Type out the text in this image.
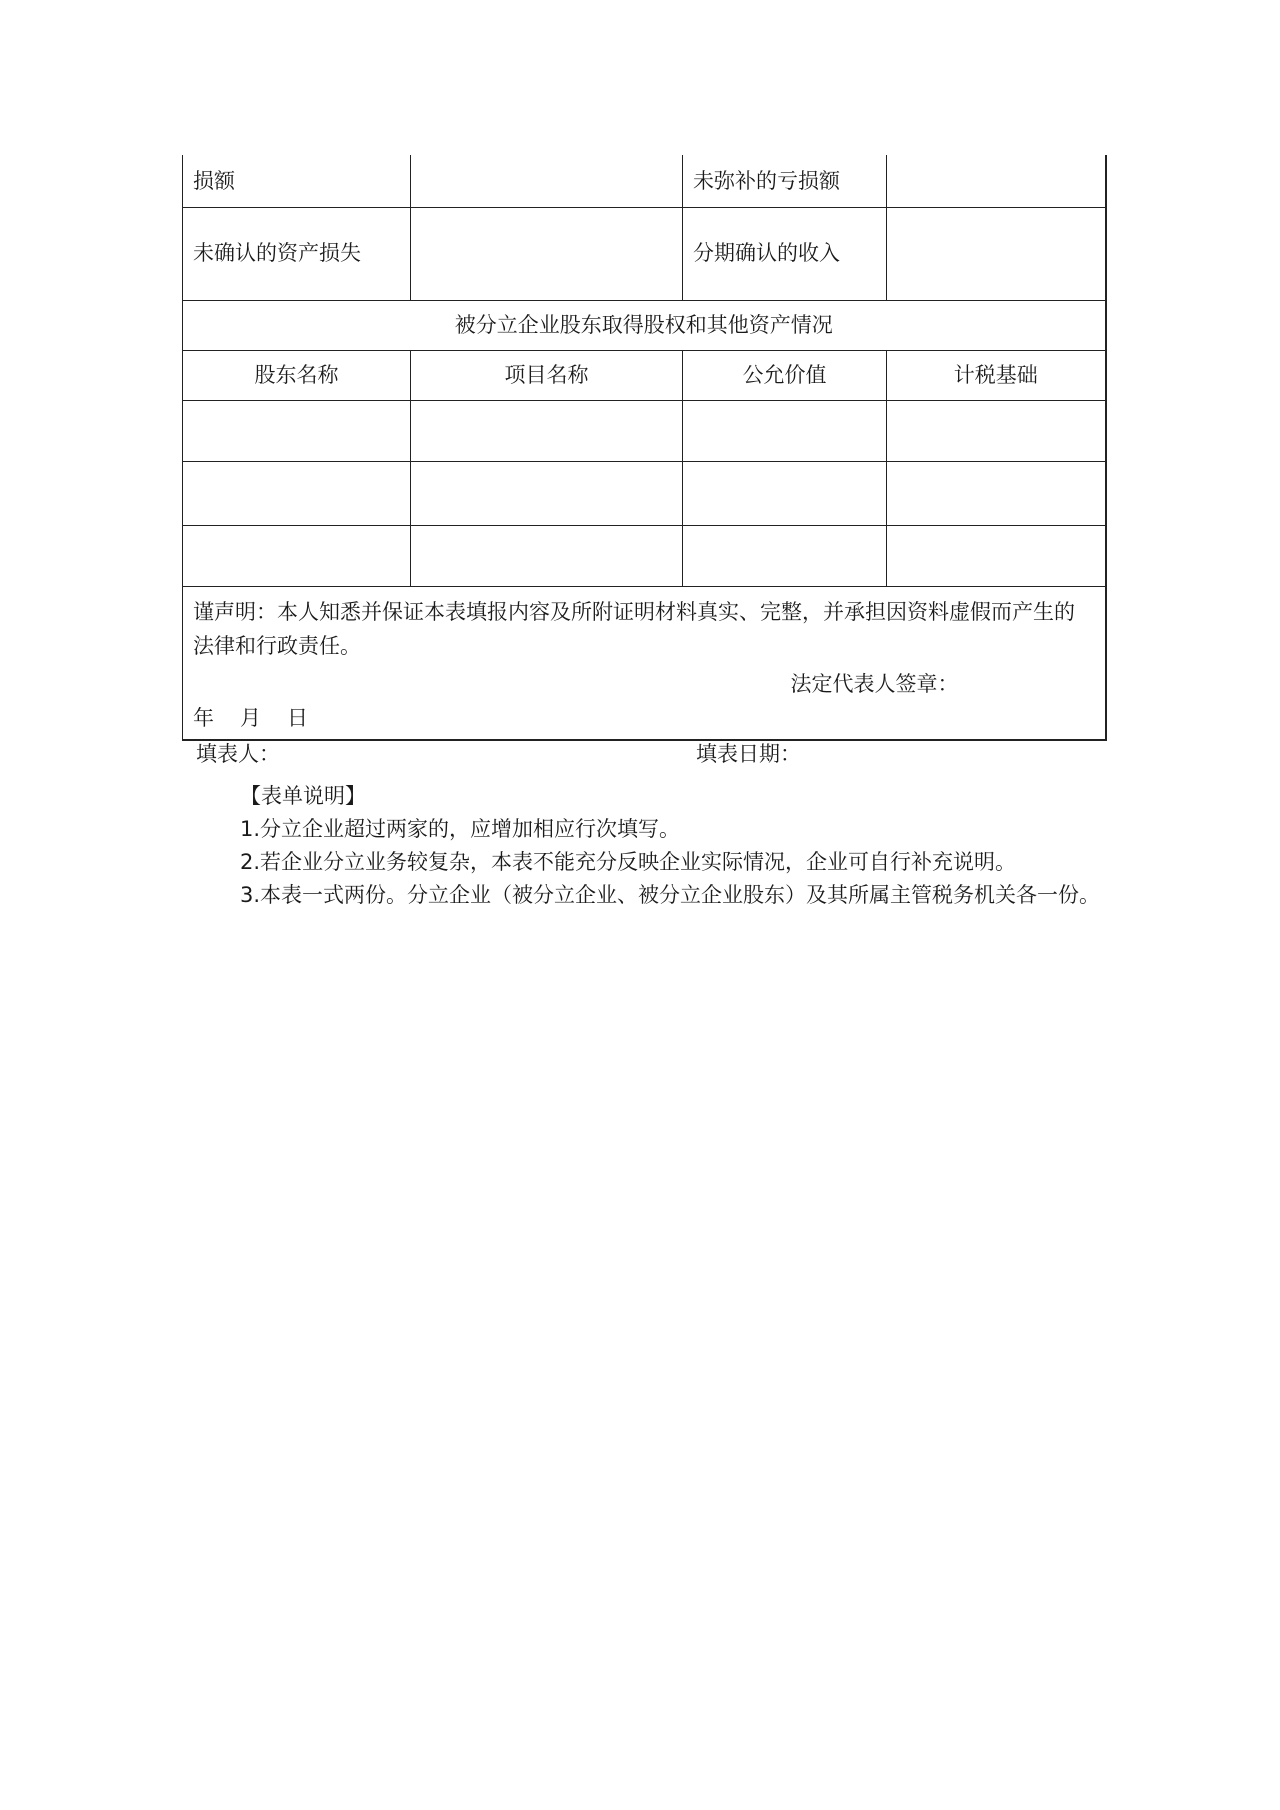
损额		未弥补的亏损额	
未确认的资产损失		分期确认的收入	
被分立企业股东取得股权和其他资产情况			
股东名称	项目名称	公允价值	计税基础

谨声明：本人知悉并保证本表填报内容及所附证明材料真实、完整，并承担因资料虚假而产生的法律和行政责任。

法定代表人签章：
年 月 日			
填表人：	填表日期：

【表单说明】

1.分立企业超过两家的，应增加相应行次填写。

2.若企业分立业务较复杂，本表不能充分反映企业实际情况，企业可自行补充说明。

3.本表一式两份。分立企业（被分立企业、被分立企业股东）及其所属主管税务机关各一份。
